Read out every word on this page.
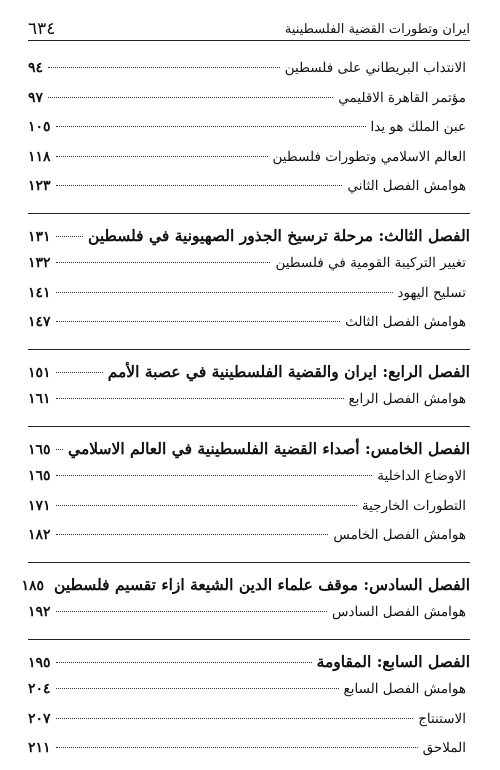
ایران وتطورات القضیة الفلسطینیة
٦٣٤
الانتداب البریطاني علی فلسطین
٩٤
مؤتمر القاهرة الاقلیمي
٩٧
عبن الملك هو یدا
١٠٥
العالم الاسلامي وتطورات فلسطین
١١٨
هوامش الفصل الثاني
١٢٣
الفصل الثالث: مرحلة ترسیخ الجذور الصهیونیة في فلسطین
١٣١
تغییر الترکیبة القومیة في فلسطین
١٣٢
تسلیح الیهود
١٤١
هوامش الفصل الثالث
١٤٧
الفصل الرابع: ایران والقضیة الفلسطینیة في عصبة الأمم
١٥١
هوامش الفصل الرابع
١٦١
الفصل الخامس: أصداء القضیة الفلسطینیة في العالم الاسلامي
١٦٥
الاوضاع الداخلیة
١٦٥
التطورات الخارجیة
١٧١
هوامش الفصل الخامس
١٨٢
الفصل السادس: موقف علماء الدین الشیعة ازاء تقسیم فلسطین
١٨٥
هوامش الفصل السادس
١٩٢
الفصل السابع: المقاومة
١٩٥
هوامش الفصل السابع
٢٠٤
الاستنتاج
٢٠٧
الملاحق
٢١١
